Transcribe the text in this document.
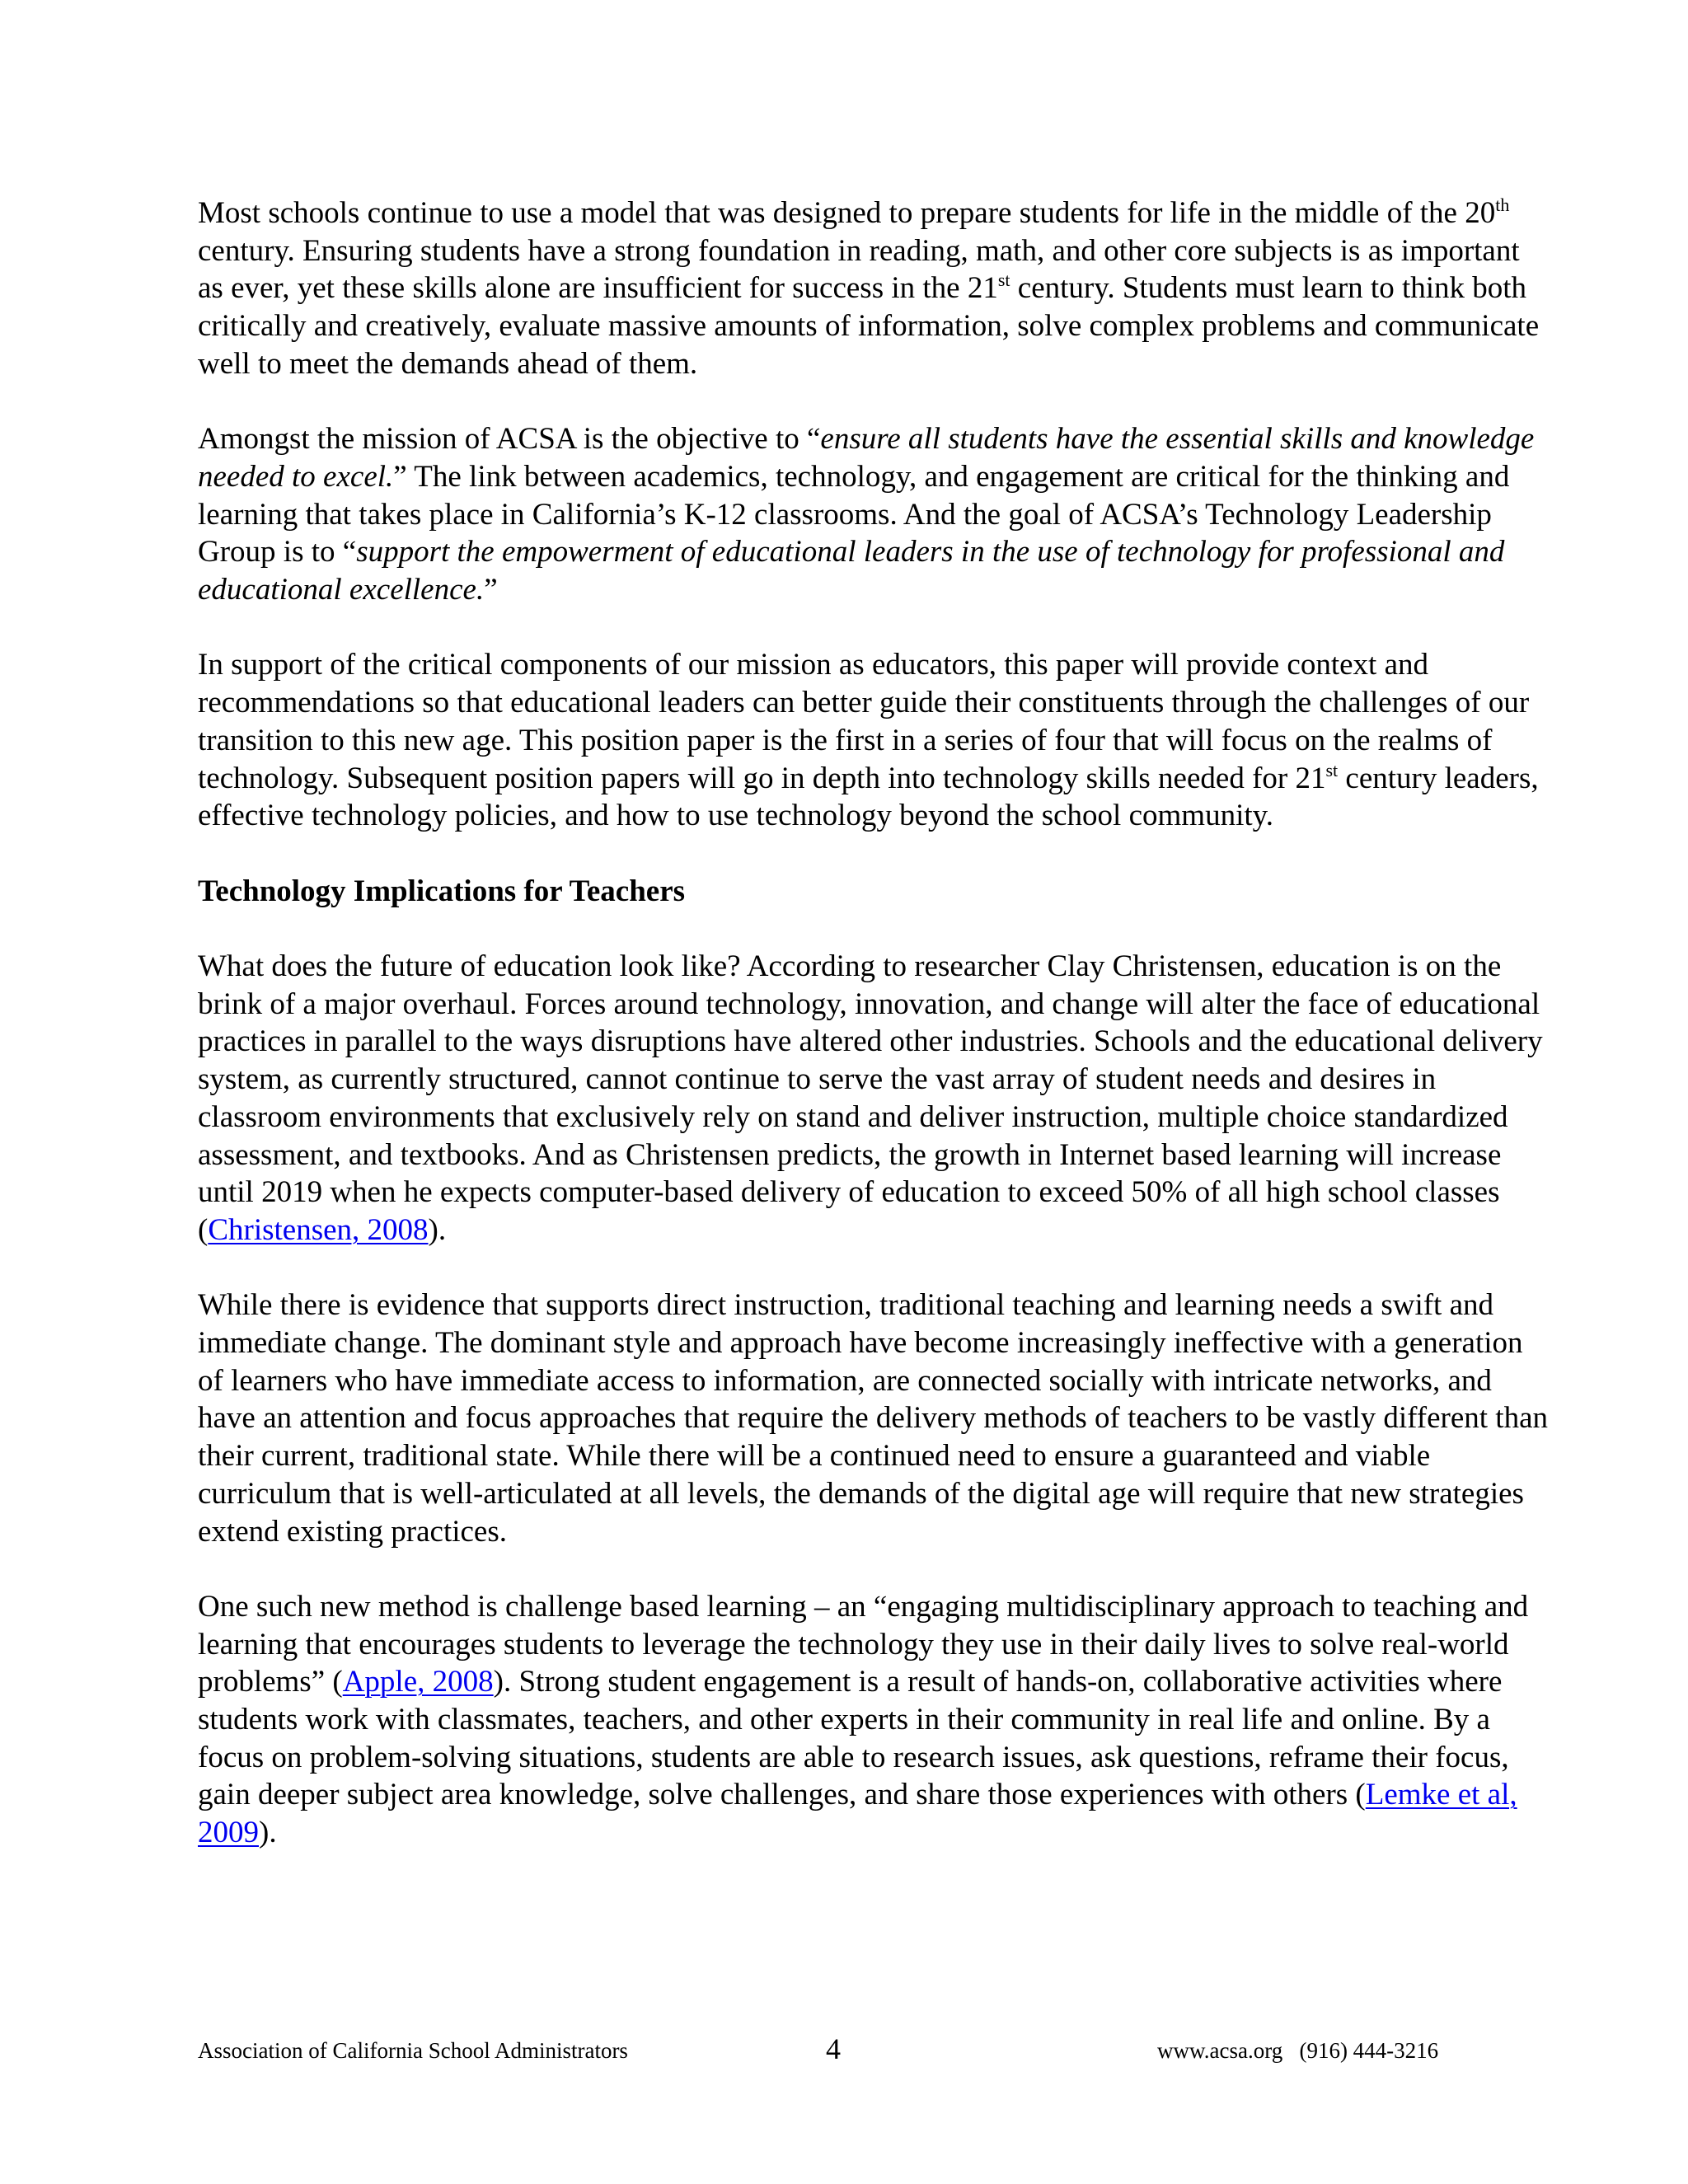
Most schools continue to use a model that was designed to prepare students for life in the middle of the 20th century. Ensuring students have a strong foundation in reading, math, and other core subjects is as important as ever, yet these skills alone are insufficient for success in the 21st century. Students must learn to think both critically and creatively, evaluate massive amounts of information, solve complex problems and communicate well to meet the demands ahead of them.

Amongst the mission of ACSA is the objective to “ensure all students have the essential skills and knowledge needed to excel.” The link between academics, technology, and engagement are critical for the thinking and learning that takes place in California’s K-12 classrooms. And the goal of ACSA’s Technology Leadership Group is to “support the empowerment of educational leaders in the use of technology for professional and educational excellence.”

In support of the critical components of our mission as educators, this paper will provide context and recommendations so that educational leaders can better guide their constituents through the challenges of our transition to this new age. This position paper is the first in a series of four that will focus on the realms of technology. Subsequent position papers will go in depth into technology skills needed for 21st century leaders, effective technology policies, and how to use technology beyond the school community.

Technology Implications for Teachers

What does the future of education look like? According to researcher Clay Christensen, education is on the brink of a major overhaul. Forces around technology, innovation, and change will alter the face of educational practices in parallel to the ways disruptions have altered other industries. Schools and the educational delivery system, as currently structured, cannot continue to serve the vast array of student needs and desires in classroom environments that exclusively rely on stand and deliver instruction, multiple choice standardized assessment, and textbooks. And as Christensen predicts, the growth in Internet based learning will increase until 2019 when he expects computer-based delivery of education to exceed 50% of all high school classes (Christensen, 2008).

While there is evidence that supports direct instruction, traditional teaching and learning needs a swift and immediate change. The dominant style and approach have become increasingly ineffective with a generation of learners who have immediate access to information, are connected socially with intricate networks, and have an attention and focus approaches that require the delivery methods of teachers to be vastly different than their current, traditional state. While there will be a continued need to ensure a guaranteed and viable curriculum that is well-articulated at all levels, the demands of the digital age will require that new strategies extend existing practices.

One such new method is challenge based learning – an “engaging multidisciplinary approach to teaching and learning that encourages students to leverage the technology they use in their daily lives to solve real-world problems” (Apple, 2008). Strong student engagement is a result of hands-on, collaborative activities where students work with classmates, teachers, and other experts in their community in real life and online. By a focus on problem-solving situations, students are able to research issues, ask questions, reframe their focus, gain deeper subject area knowledge, solve challenges, and share those experiences with others (Lemke et al, 2009).

Association of California School Administrators	4	www.acsa.org   (916) 444-3216
